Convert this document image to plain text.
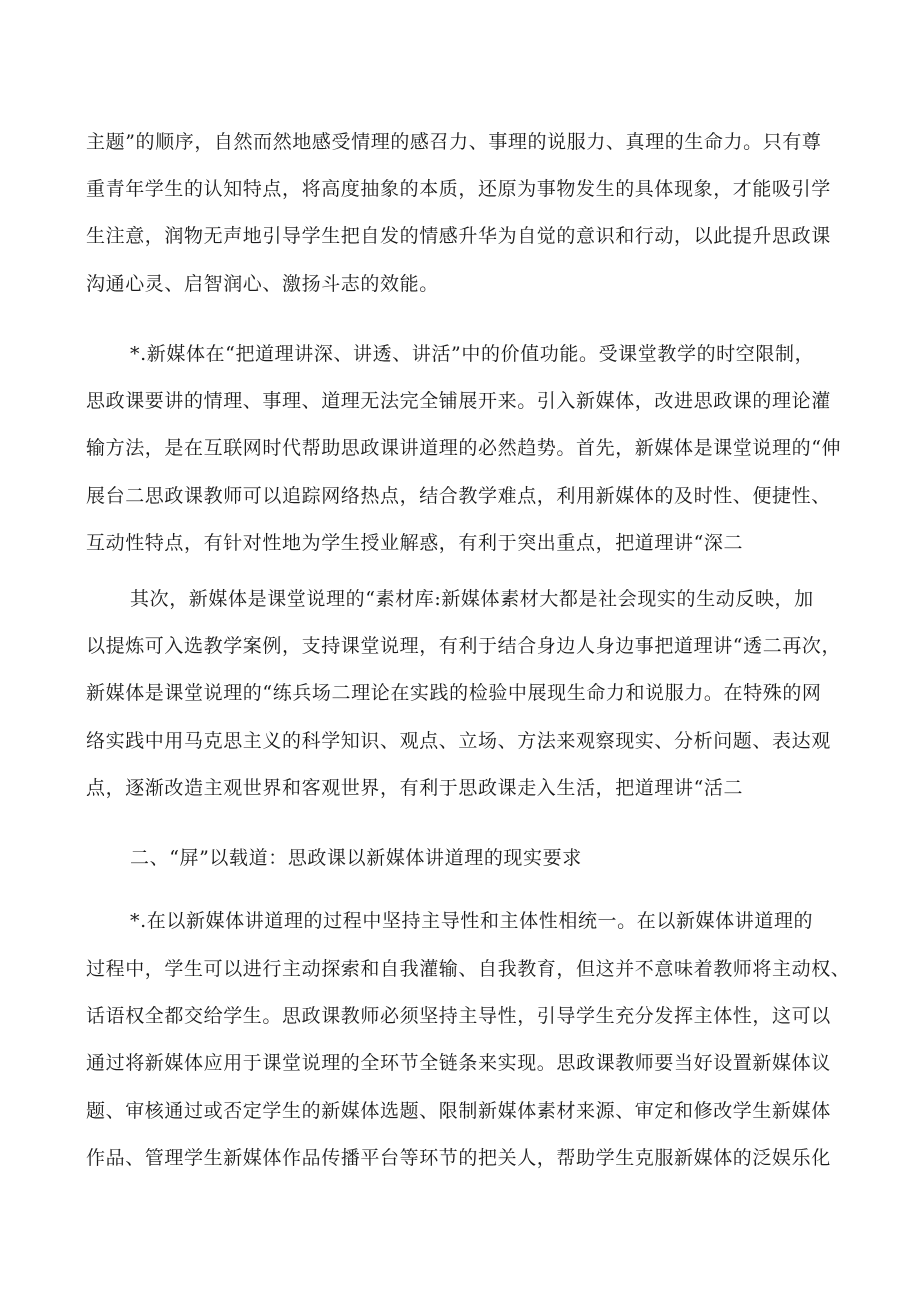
主题”的顺序，自然而然地感受情理的感召力、事理的说服力、真理的生命力。只有尊
重青年学生的认知特点，将高度抽象的本质，还原为事物发生的具体现象，才能吸引学
生注意，润物无声地引导学生把自发的情感升华为自觉的意识和行动，以此提升思政课
沟通心灵、启智润心、激扬斗志的效能。
*.新媒体在“把道理讲深、讲透、讲活”中的价值功能。受课堂教学的时空限制，
思政课要讲的情理、事理、道理无法完全铺展开来。引入新媒体，改进思政课的理论灌
输方法，是在互联网时代帮助思政课讲道理的必然趋势。首先，新媒体是课堂说理的“伸
展台二思政课教师可以追踪网络热点，结合教学难点，利用新媒体的及时性、便捷性、
互动性特点，有针对性地为学生授业解惑，有利于突出重点，把道理讲“深二
其次，新媒体是课堂说理的“素材库:新媒体素材大都是社会现实的生动反映，加
以提炼可入选教学案例，支持课堂说理，有利于结合身边人身边事把道理讲“透二再次，
新媒体是课堂说理的“练兵场二理论在实践的检验中展现生命力和说服力。在特殊的网
络实践中用马克思主义的科学知识、观点、立场、方法来观察现实、分析问题、表达观
点，逐渐改造主观世界和客观世界，有利于思政课走入生活，把道理讲“活二
二、“屏”以载道：思政课以新媒体讲道理的现实要求
*.在以新媒体讲道理的过程中坚持主导性和主体性相统一。在以新媒体讲道理的
过程中，学生可以进行主动探索和自我灌输、自我教育，但这并不意味着教师将主动权、
话语权全都交给学生。思政课教师必须坚持主导性，引导学生充分发挥主体性，这可以
通过将新媒体应用于课堂说理的全环节全链条来实现。思政课教师要当好设置新媒体议
题、审核通过或否定学生的新媒体选题、限制新媒体素材来源、审定和修改学生新媒体
作品、管理学生新媒体作品传播平台等环节的把关人，帮助学生克服新媒体的泛娱乐化
